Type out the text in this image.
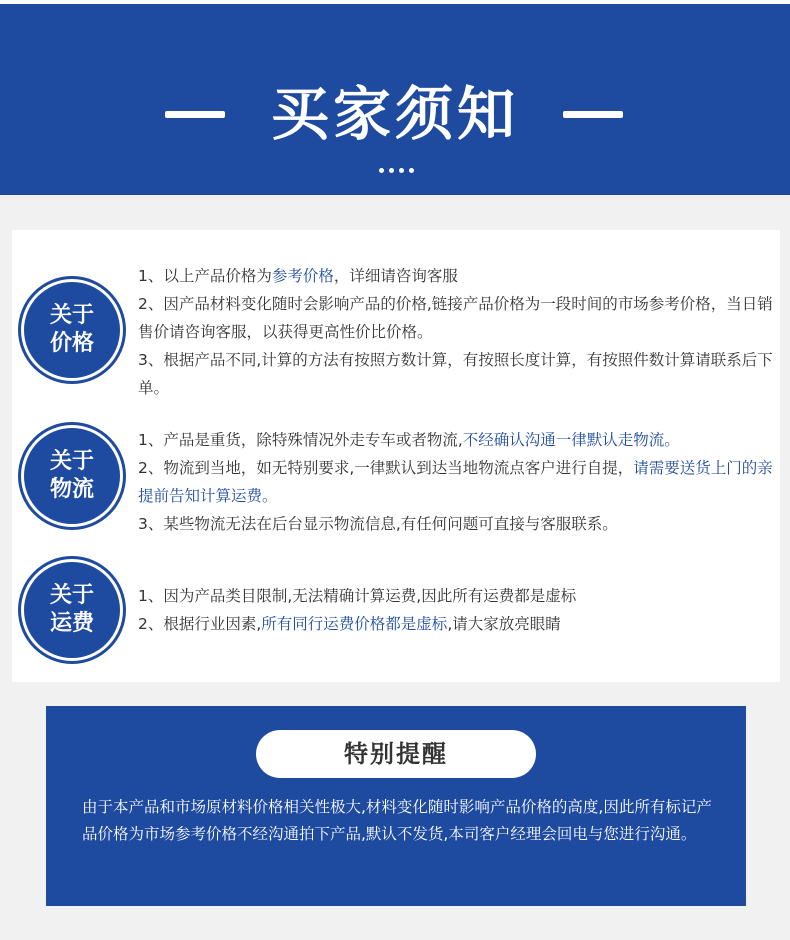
买家须知
关于
价格

1、以上产品价格为参考价格，详细请咨询客服

2、因产品材料变化随时会影响产品的价格,链接产品价格为一段时间的市场参考价格，当日销售价请咨询客服，以获得更高性价比价格。

3、根据产品不同,计算的方法有按照方数计算，有按照长度计算，有按照件数计算请联系后下单。

关于
物流

1、产品是重货，除特殊情况外走专车或者物流,不经确认沟通一律默认走物流。

2、物流到当地，如无特别要求,一律默认到达当地物流点客户进行自提，请需要送货上门的亲提前告知计算运费。

3、某些物流无法在后台显示物流信息,有任何问题可直接与客服联系。

关于
运费

1、因为产品类目限制,无法精确计算运费,因此所有运费都是虚标

2、根据行业因素,所有同行运费价格都是虚标,请大家放亮眼睛

特别提醒
由于本产品和市场原材料价格相关性极大,材料变化随时影响产品价格的高度,因此所有标记产品价格为市场参考价格不经沟通拍下产品,默认不发货,本司客户经理会回电与您进行沟通。
